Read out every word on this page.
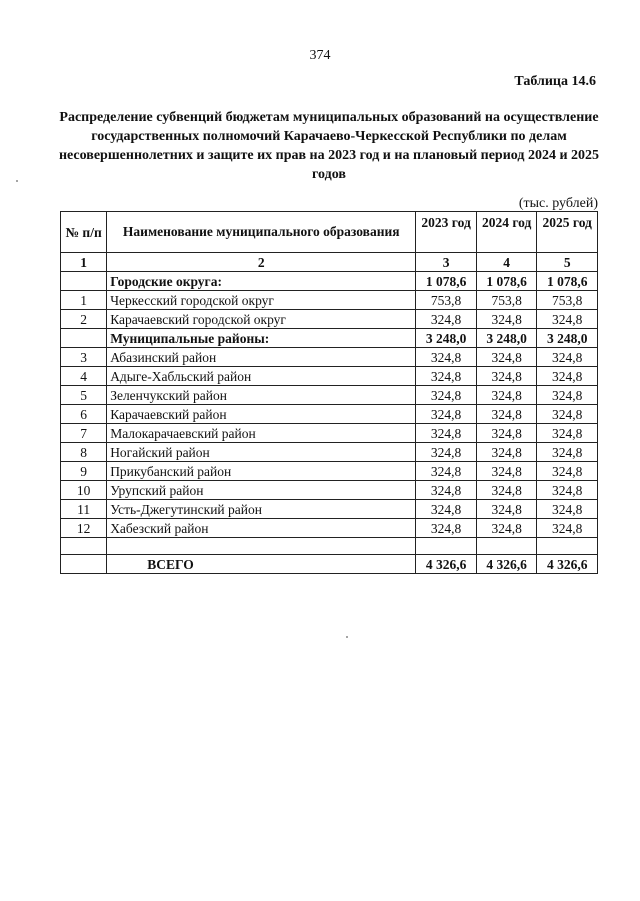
374
Таблица 14.6
Распределение субвенций бюджетам муниципальных образований на осуществление государственных полномочий Карачаево-Черкесской Республики по делам несовершеннолетних и защите их прав на 2023 год и на плановый период 2024 и 2025 годов
(тыс. рублей)
№ п/п	Наименование муниципального образования	2023 год	2024 год	2025 год
1	2	3	4	5
	Городские округа:	1 078,6	1 078,6	1 078,6
1	Черкесский городской округ	753,8	753,8	753,8
2	Карачаевский городской округ	324,8	324,8	324,8
	Муниципальные районы:	3 248,0	3 248,0	3 248,0
3	Абазинский район	324,8	324,8	324,8
4	Адыге-Хабльский район	324,8	324,8	324,8
5	Зеленчукский район	324,8	324,8	324,8
6	Карачаевский район	324,8	324,8	324,8
7	Малокарачаевский район	324,8	324,8	324,8
8	Ногайский район	324,8	324,8	324,8
9	Прикубанский район	324,8	324,8	324,8
10	Урупский район	324,8	324,8	324,8
11	Усть-Джегутинский район	324,8	324,8	324,8
12	Хабезский район	324,8	324,8	324,8

	ВСЕГО	4 326,6	4 326,6	4 326,6
